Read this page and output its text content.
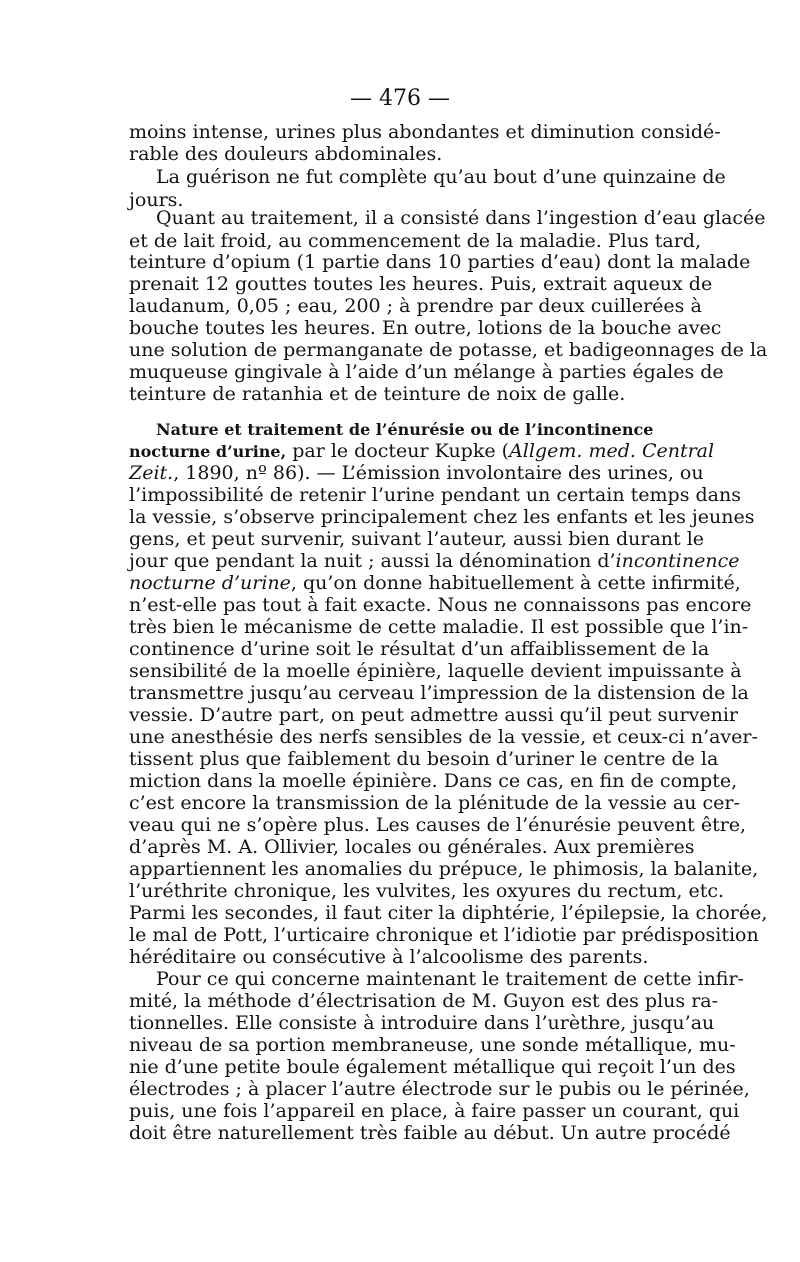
— 476 —
moins intense, urines plus abondantes et diminution considé-
rable des douleurs abdominales.
La guérison ne fut complète qu’au bout d’une quinzaine de
jours.
Quant au traitement, il a consisté dans l’ingestion d’eau glacée
et de lait froid, au commencement de la maladie. Plus tard,
teinture d’opium (1 partie dans 10 parties d’eau) dont la malade
prenait 12 gouttes toutes les heures. Puis, extrait aqueux de
laudanum, 0,05 ; eau, 200 ; à prendre par deux cuillerées à
bouche toutes les heures. En outre, lotions de la bouche avec
une solution de permanganate de potasse, et badigeonnages de la
muqueuse gingivale à l’aide d’un mélange à parties égales de
teinture de ratanhia et de teinture de noix de galle.
Nature et traitement de l’énurésie ou de l’incontinence
nocturne d’urine, par le docteur Kupke (Allgem. med. Central
Zeit., 1890, nº 86). — L’émission involontaire des urines, ou
l’impossibilité de retenir l’urine pendant un certain temps dans
la vessie, s’observe principalement chez les enfants et les jeunes
gens, et peut survenir, suivant l’auteur, aussi bien durant le
jour que pendant la nuit ; aussi la dénomination d’incontinence
nocturne d’urine, qu’on donne habituellement à cette infirmité,
n’est-elle pas tout à fait exacte. Nous ne connaissons pas encore
très bien le mécanisme de cette maladie. Il est possible que l’in-
continence d’urine soit le résultat d’un affaiblissement de la
sensibilité de la moelle épinière, laquelle devient impuissante à
transmettre jusqu’au cerveau l’impression de la distension de la
vessie. D’autre part, on peut admettre aussi qu’il peut survenir
une anesthésie des nerfs sensibles de la vessie, et ceux-ci n’aver-
tissent plus que faiblement du besoin d’uriner le centre de la
miction dans la moelle épinière. Dans ce cas, en fin de compte,
c’est encore la transmission de la plénitude de la vessie au cer-
veau qui ne s’opère plus. Les causes de l’énurésie peuvent être,
d’après M. A. Ollivier, locales ou générales. Aux premières
appartiennent les anomalies du prépuce, le phimosis, la balanite,
l’uréthrite chronique, les vulvites, les oxyures du rectum, etc.
Parmi les secondes, il faut citer la diphtérie, l’épilepsie, la chorée,
le mal de Pott, l’urticaire chronique et l’idiotie par prédisposition
héréditaire ou consécutive à l’alcoolisme des parents.
Pour ce qui concerne maintenant le traitement de cette infir-
mité, la méthode d’électrisation de M. Guyon est des plus ra-
tionnelles. Elle consiste à introduire dans l’urèthre, jusqu’au
niveau de sa portion membraneuse, une sonde métallique, mu-
nie d’une petite boule également métallique qui reçoit l’un des
électrodes ; à placer l’autre électrode sur le pubis ou le périnée,
puis, une fois l’appareil en place, à faire passer un courant, qui
doit être naturellement très faible au début. Un autre procédé
